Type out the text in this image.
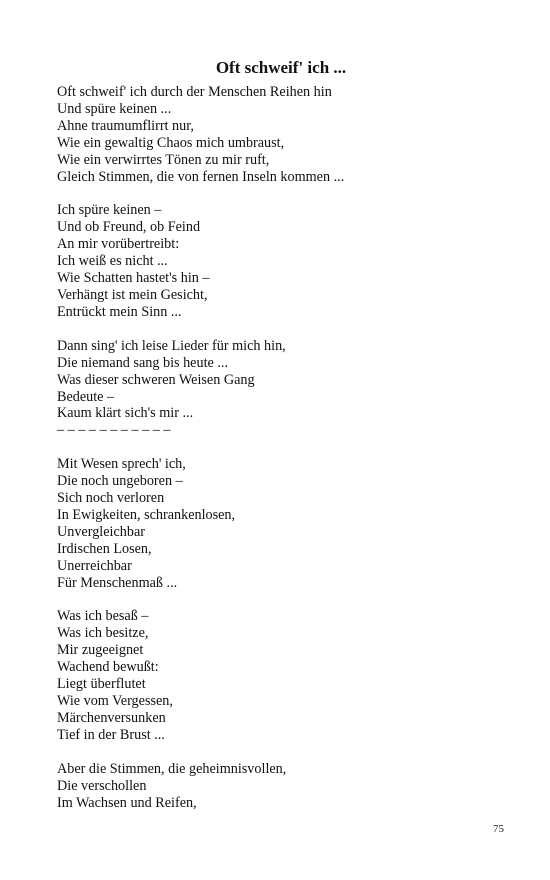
Oft schweif' ich ...
Oft schweif' ich durch der Menschen Reihen hin
Und spüre keinen ...
Ahne traumumflirrt nur,
Wie ein gewaltig Chaos mich umbraust,
Wie ein verwirrtes Tönen zu mir ruft,
Gleich Stimmen, die von fernen Inseln kommen ...
Ich spüre keinen –
Und ob Freund, ob Feind
An mir vorübertreibt:
Ich weiß es nicht ...
Wie Schatten hastet's hin –
Verhängt ist mein Gesicht,
Entrückt mein Sinn ...
Dann sing' ich leise Lieder für mich hin,
Die niemand sang bis heute ...
Was dieser schweren Weisen Gang
Bedeute –
Kaum klärt sich's mir ...
– – – – – – – – – – –
Mit Wesen sprech' ich,
Die noch ungeboren –
Sich noch verloren
In Ewigkeiten, schrankenlosen,
Unvergleichbar
Irdischen Losen,
Unerreichbar
Für Menschenmaß ...
Was ich besaß –
Was ich besitze,
Mir zugeeignet
Wachend bewußt:
Liegt überflutet
Wie vom Vergessen,
Märchenversunken
Tief in der Brust ...
Aber die Stimmen, die geheimnisvollen,
Die verschollen
Im Wachsen und Reifen,
75
